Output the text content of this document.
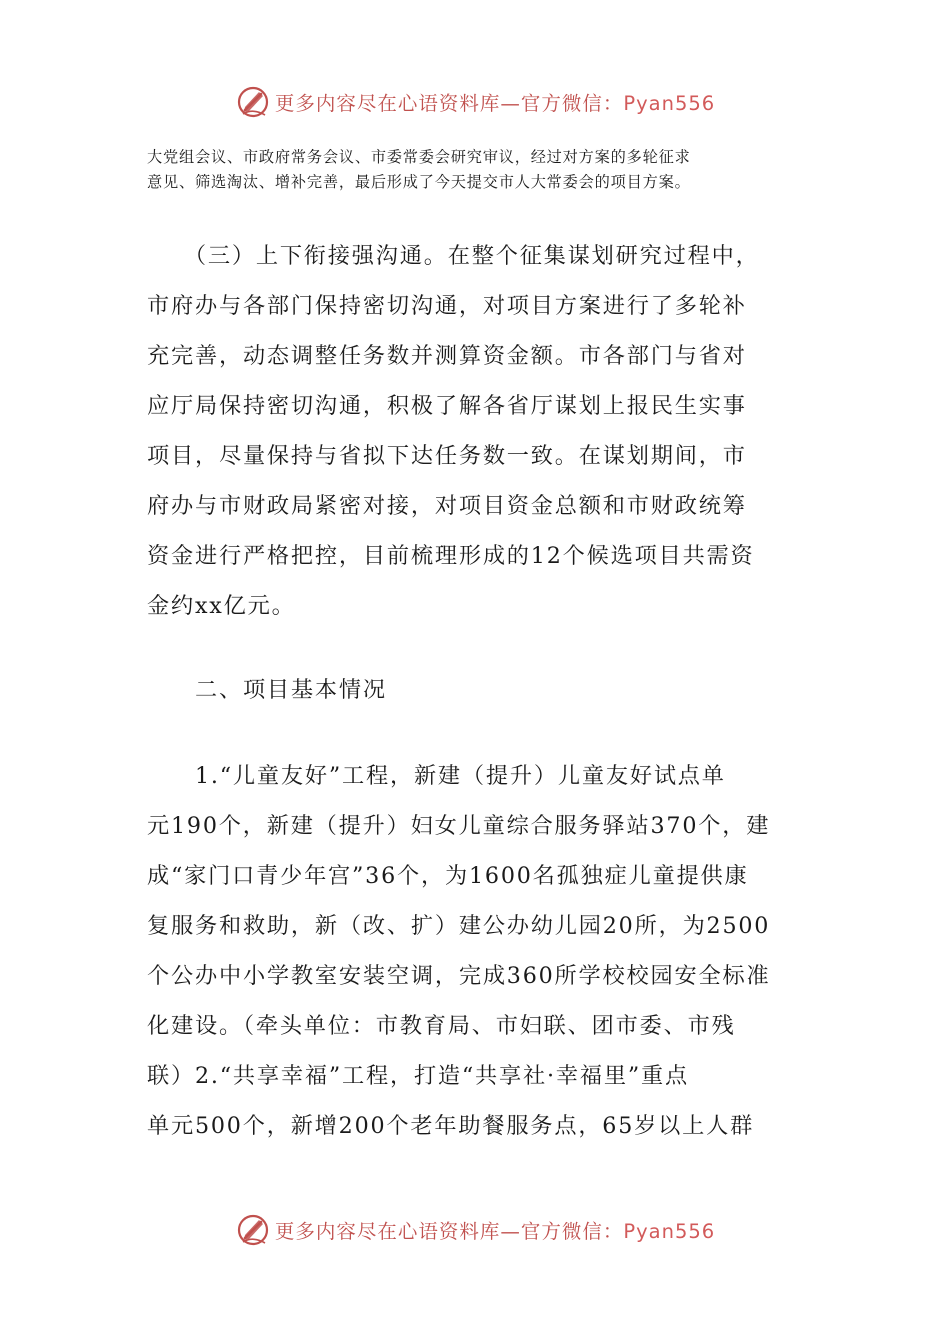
更多内容尽在心语资料库—官方微信：Pyan556

大党组会议、市政府常务会议、市委常委会研究审议，经过对方案的多轮征求

意见、筛选淘汰、增补完善，最后形成了今天提交市人大常委会的项目方案。

　　（三）上下衔接强沟通。在整个征集谋划研究过程中，

市府办与各部门保持密切沟通，对项目方案进行了多轮补

充完善，动态调整任务数并测算资金额。市各部门与省对

应厅局保持密切沟通，积极了解各省厅谋划上报民生实事

项目，尽量保持与省拟下达任务数一致。在谋划期间，市

府办与市财政局紧密对接，对项目资金总额和市财政统筹

资金进行严格把控，目前梳理形成的12个候选项目共需资

金约xx亿元。

　　二、项目基本情况

　　1.“儿童友好”工程，新建（提升）儿童友好试点单

元190个，新建（提升）妇女儿童综合服务驿站370个，建

成“家门口青少年宫”36个，为1600名孤独症儿童提供康

复服务和救助，新（改、扩）建公办幼儿园20所，为2500

个公办中小学教室安装空调，完成360所学校校园安全标准

化建设。（牵头单位：市教育局、市妇联、团市委、市残

联）2.“共享幸福”工程，打造“共享社·幸福里”重点

单元500个，新增200个老年助餐服务点，65岁以上人群

更多内容尽在心语资料库—官方微信：Pyan556
